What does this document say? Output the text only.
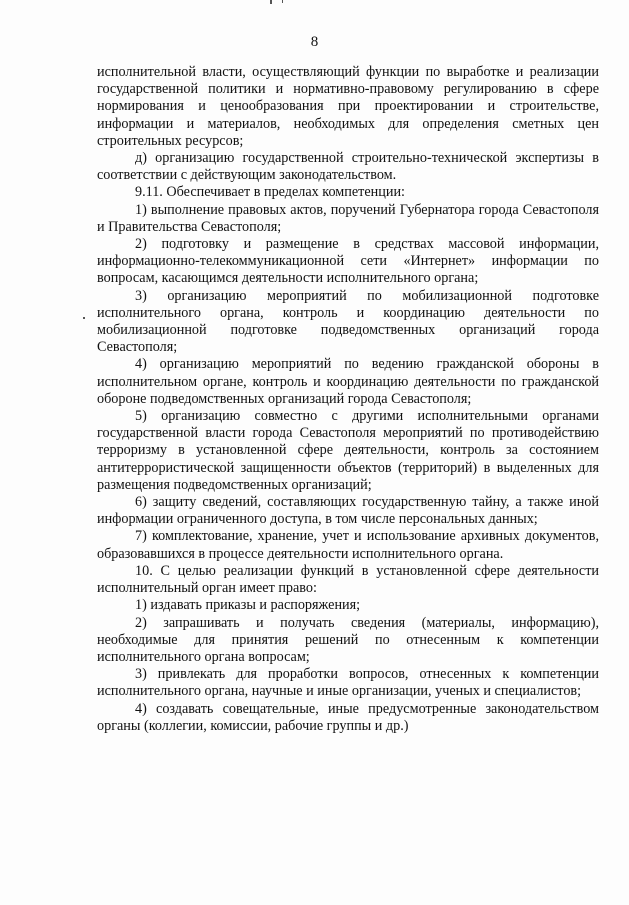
8

исполнительной власти, осуществляющий функции по выработке и реализации государственной политики и нормативно-правовому регулированию в сфере нормирования и ценообразования при проектировании и строительстве, информации и материалов, необходимых для определения сметных цен строительных ресурсов;

д) организацию государственной строительно-технической экспертизы в соответствии с действующим законодательством.

9.11. Обеспечивает в пределах компетенции:

1) выполнение правовых актов, поручений Губернатора города Севастополя и Правительства Севастополя;

2) подготовку и размещение в средствах массовой информации, информационно-телекоммуникационной сети «Интернет» информации по вопросам, касающимся деятельности исполнительного органа;

3) организацию мероприятий по мобилизационной подготовке исполнительного органа, контроль и координацию деятельности по мобилизационной подготовке подведомственных организаций города Севастополя;

4) организацию мероприятий по ведению гражданской обороны в исполнительном органе, контроль и координацию деятельности по гражданской обороне подведомственных организаций города Севастополя;

5) организацию совместно с другими исполнительными органами государственной власти города Севастополя мероприятий по противодействию терроризму в установленной сфере деятельности, контроль за состоянием антитеррористической защищенности объектов (территорий) в выделенных для размещения подведомственных организаций;

6) защиту сведений, составляющих государственную тайну, а также иной информации ограниченного доступа, в том числе персональных данных;

7) комплектование, хранение, учет и использование архивных документов, образовавшихся в процессе деятельности исполнительного органа.

10. С целью реализации функций в установленной сфере деятельности исполнительный орган имеет право:

1) издавать приказы и распоряжения;

2) запрашивать и получать сведения (материалы, информацию), необходимые для принятия решений по отнесенным к компетенции исполнительного органа вопросам;

3) привлекать для проработки вопросов, отнесенных к компетенции исполнительного органа, научные и иные организации, ученых и специалистов;

4) создавать совещательные, иные предусмотренные законодательством органы (коллегии, комиссии, рабочие группы и др.)
